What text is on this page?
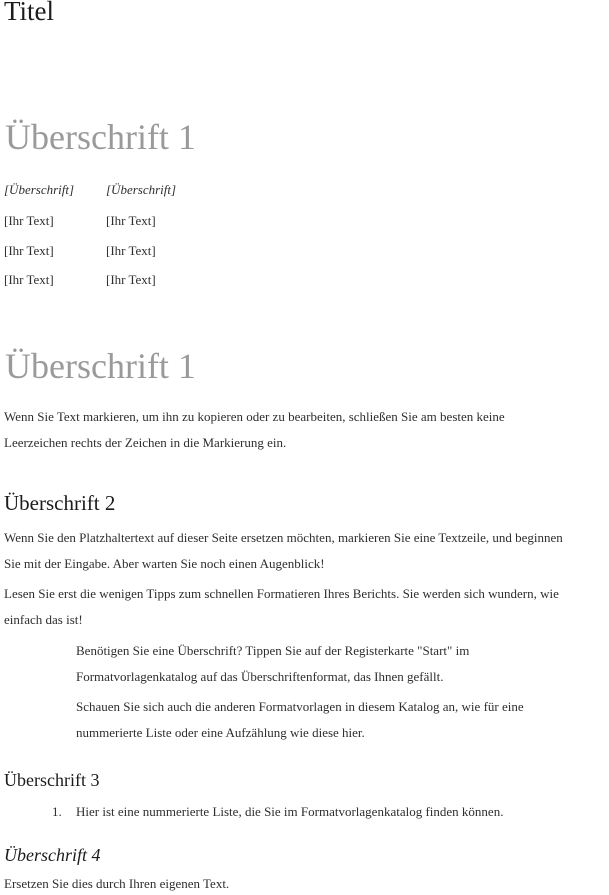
Titel
Überschrift 1
[Überschrift] [Überschrift]
[Ihr Text]	[Ihr Text]
[Ihr Text]	[Ihr Text]
[Ihr Text]	[Ihr Text]
Überschrift 1
Wenn Sie Text markieren, um ihn zu kopieren oder zu bearbeiten, schließen Sie am besten keine
Leerzeichen rechts der Zeichen in die Markierung ein.
Überschrift 2
Wenn Sie den Platzhaltertext auf dieser Seite ersetzen möchten, markieren Sie eine Textzeile, und beginnen
Sie mit der Eingabe. Aber warten Sie noch einen Augenblick!
Lesen Sie erst die wenigen Tipps zum schnellen Formatieren Ihres Berichts. Sie werden sich wundern, wie
einfach das ist!
Benötigen Sie eine Überschrift? Tippen Sie auf der Registerkarte "Start" im
Formatvorlagenkatalog auf das Überschriftenformat, das Ihnen gefällt.
Schauen Sie sich auch die anderen Formatvorlagen in diesem Katalog an, wie für eine
nummerierte Liste oder eine Aufzählung wie diese hier.
Überschrift 3
1. Hier ist eine nummerierte Liste, die Sie im Formatvorlagenkatalog finden können.
Überschrift 4
Ersetzen Sie dies durch Ihren eigenen Text.
